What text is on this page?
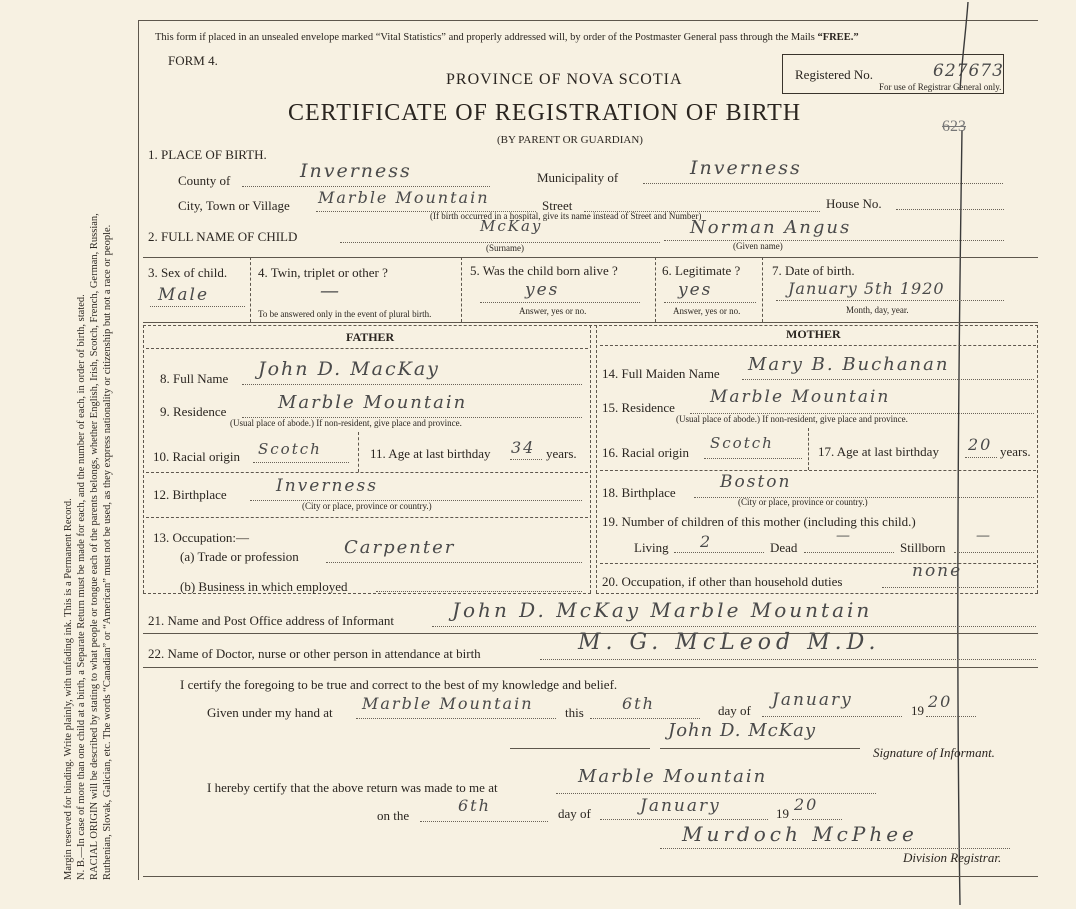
Margin reserved for binding. Write plainly, with unfading ink. This is a Permanent Record. N. B.—In case of more than one child at a birth, a Separate Return must be made for each, and the number of each, in order of birth, stated. RACIAL ORIGIN will be described by stating to what people or tongue each of the parents belongs, whether English, Irish, Scotch, French, German, Russian, Ruthenian, Slovak, Galician, etc. The words “Canadian” or “American” must not be used, as they express nationality or citizenship but not a race or people.
This form if placed in an unsealed envelope marked “Vital Statistics” and properly addressed will, by order of the Postmaster General pass through the Mails “FREE.”
FORM 4.
Registered No.	627673
For use of Registrar General only.
PROVINCE OF NOVA SCOTIA
CERTIFICATE OF REGISTRATION OF BIRTH
(BY PARENT OR GUARDIAN)
623
1. PLACE OF BIRTH.
County of	Inverness	Municipality of	Inverness
City, Town or Village Marble Mountain	Street	House No.
(If birth occurred in a hospital, give its name instead of Street and Number)
2. FULL NAME OF CHILD
McKay
(Surname)
Norman Angus
(Given name)
3. Sex of child.
Male
4. Twin, triplet or other ?
—
To be answered only in the event of plural birth.
5. Was the child born alive ?
yes
Answer, yes or no.
6. Legitimate ?
yes
Answer, yes or no.
7. Date of birth.
January 5th 1920
Month, day, year.
FATHER	MOTHER
8. Full Name John D. MacKay
9. Residence	Marble Mountain
(Usual place of abode.) If non-resident, give place and province.
10. Racial origin Scotch	11. Age at last birthday 34 years.
12. Birthplace	Inverness
(City or place, province or country.)
13. Occupation:—
(a) Trade or profession	Carpenter
(b) Business in which employed
14. Full Maiden Name Mary B. Buchanan
15. Residence
Marble Mountain
(Usual place of abode.) If non-resident, give place and province.
16. Racial origin
Scotch	17. Age at last birthday 20 years.
18. Birthplace
Boston
(City or place, province or country.)
19. Number of children of this mother (including this child.)
Living 2	Dead
—
Stillborn
—
20. Occupation, if other than household duties
none
21. Name and Post Office address of Informant	John D. McKay Marble Mountain
22. Name of Doctor, nurse or other person in attendance at birth	M. G. McLeod M.D.
I certify the foregoing to be true and correct to the best of my knowledge and belief.
Given under my hand at Marble Mountain this 6th	day of
January
19 20
John D. McKay
Signature of Informant.
I hereby certify that the above return was made to me at
Marble Mountain
on the
6th	day of	January	19 20
Murdoch McPhee
Division Registrar.
